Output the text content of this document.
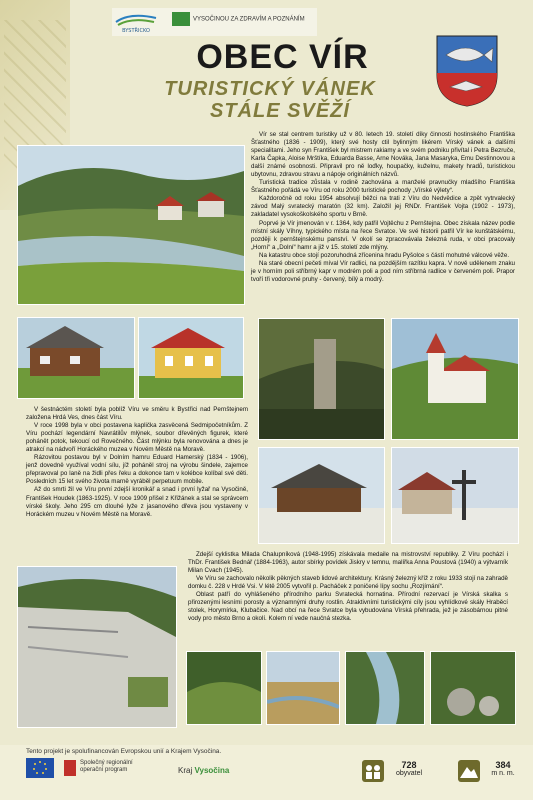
BYSTŘICKO
VYSOČINOU ZA ZDRAVÍM A POZNÁNÍM
OBEC VÍR
TURISTICKÝ VÁNEK
STÁLE SVĚŽÍ

Vír se stal centrem turistiky už v 80. letech 19. století díky činnosti hostinského Františka Šťastného (1836 - 1909), který své hosty ctil bylinným likérem Vírský vánek a dalšími specialitami. Jeho syn František byl mistrem rakiamy a ve svém podniku přivítal i Petra Bezruče, Karla Čapka, Aloise Mrštíka, Eduarda Basse, Arne Nováka, Jana Masaryka, Emu Destinnovou a další známé osobnosti. Připravil pro ně loďky, houpačky, kuželnu, makety hradů, turistickou ubytovnu, zdravou stravu a nápoje originálních názvů.

Turistická tradice zůstala v rodině zachována a manželé pravnučky mladšího Františka Šťastného pořádá ve Víru od roku 2000 turistické pochody „Vírské výlety“.

Každoročně od roku 1954 absolvují běžci na trati z Víru do Nedvědice a zpět vytrvalecký závod Malý svratecký maratón (32 km). Založil jej RNDr. František Vojta (1902 - 1973), zakladatel vysokoškolského sportu v Brně.

Poprvé je Vír jmenován v r. 1364, kdy patřil Vojtěchu z Pernštejna. Obec získala název podle místní skály Víhny, typického místa na řece Svratce. Ve své historii patřil Vír ke kunštátskému, později k pernštejnskému panství. V okolí se zpracovávala železná ruda, v obci pracovaly „Horní“ a „Dolní“ hamr a již v 15. století zde mlýny.

Na katastru obce stojí pozoruhodná zřícenina hradu Pyšolce s částí mohutné válcové věže.

Na staré obecní pečeti míval Vír radlici, na pozdějším razítku kapra. V nově udělenem znaku je v horním poli stříbrný kapr v modrém poli a pod ním stříbrná radlice v červeném poli. Prapor tvoří tři vodorovné pruhy - červený, bílý a modrý.

V šestnáctém století byla poblíž Víru ve směru k Bystřici nad Pernštejnem založena Hrdá Ves, dnes část Víru.

V roce 1998 byla v obci postavena kaplička zasvěcená Sedmipočetníkům. Z Víru pochází legendární Navrátilův mlýnek, soubor dřevěných figurek, které pohánět potok, tekoucí od Rovečného. Část mlýnku byla renovována a dnes je atrakcí na nádvoří Horáckého muzea v Novém Městě na Moravě.

Rázovitou postavou byl v Dolním hamru Eduard Hamerský (1834 - 1906), jenž dovedně využíval vodní sílu, jíž poháněl stroj na výrobu šindele, zajemce přepravoval po laně na židli přes řeku a dokonce tam v kolébce kolíbal své děti. Posledních 15 let svého života marně vyráběl perpetuum mobile.

Až do smrti žil ve Víru první zdejší kronikář a snad i první lyžař na Vysočině, František Houdek (1863-1925). V roce 1909 přišel z Křižánek a stal se správcem vírské školy. Jeho 295 cm dlouhé lyže z jasanového dřeva jsou vystaveny v Horáckém muzeu v Novém Městě na Moravě.

Zdejší cyklistka Milada Chalupníková (1948-1995) získávala medaile na mistrovství republiky. Z Víru pochází i ThDr. František Bednář (1884-1963), autor sbírky povídek Jiskry v temnu, malířka Anna Poustová (1940) a výtvarník Milan Cvach (1945).

Ve Víru se zachovalo několik pěkných staveb lidové architektury. Krásný železný kříž z roku 1933 stojí na zahradě domku č. 228 v Hrdé Vsi. V létě 2005 vytvořil p. Pacháček z poničené lípy sochu „Rozjímání“.

Oblast patří do vyhlášeného přírodního parku Svratecká hornatina. Přírodní rezervací je Vírská skalka s přirozenými lesními porosty a významnými druhy rostlin. Atraktivními turistickými cíly jsou vyhlídkové skály Hraběcí stolek, Horymírka, Klubačice. Nad obcí na řece Svratce byla vybudována Vírská přehrada, jež je zásobárnou pitné vody pro město Brno a okolí. Kolem ní vede naučná stezka.

Tento projekt je spolufinancován Evropskou unií a Krajem Vysočina.
Společný regionální
operační program	Kraj Vysočina
728
obyvatel
384
m n. m.
